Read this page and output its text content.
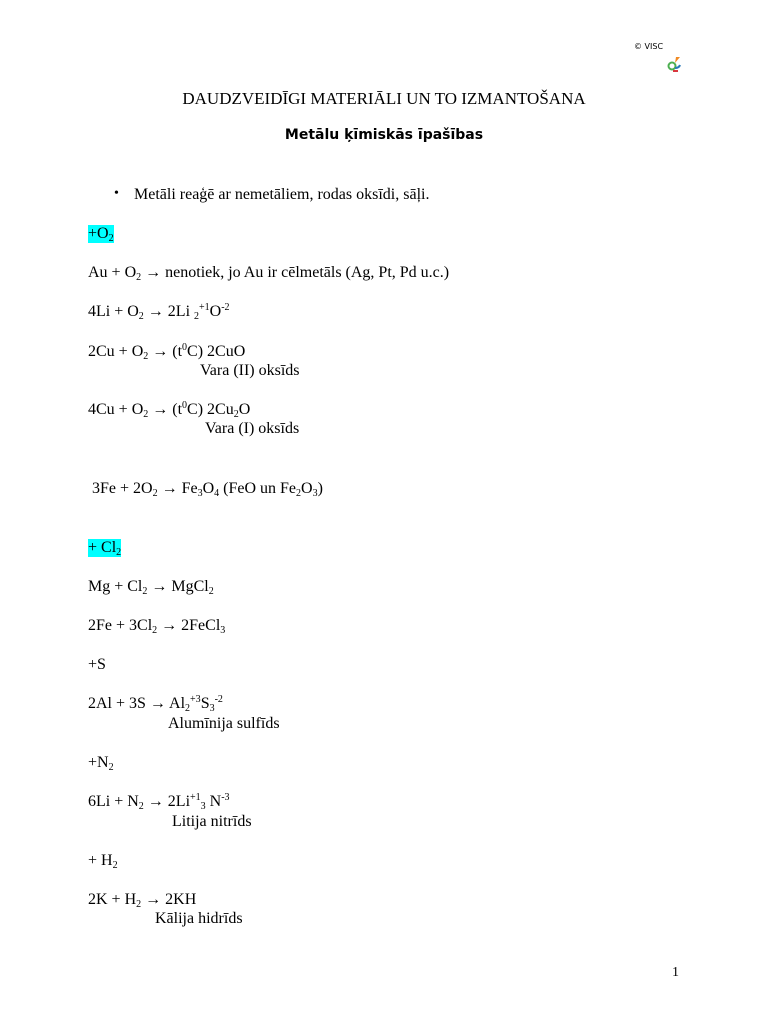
© VISC
DAUDZVEIDĪGI MATERIĀLI UN TO IZMANTOŠANA
Metālu ķīmiskās īpašības
• Metāli reaģē ar nemetāliem, rodas oksīdi, sāļi.
$+O_2$
$Au + O_2$ → nenotiek, jo Au ir cēlmetāls (Ag, Pt, Pd u.c.)
$4Li + O_2 \to 2Li$ $_2^{+1}O^{-2}$
$2Cu + O_2 \to (t^0C)$ 2CuO
Vara (II) oksīds
$4Cu + O_2 \to (t^0C)$ $2Cu_2O$
Vara (I) oksīds
$3Fe + 2O_2 \to Fe_3O_4$ (FeO un $Fe_2O_3$)
+ $Cl_2$
$Mg + Cl_2$ → MgCl$_2$
$2Fe + 3Cl_2$ → 2FeCl$_3$
+S
$2Al + 3S \to Al_2^{+3}S_3^{-2}$
Alumīnija sulfīds
$+N_2$
$6Li + N_2 \to 2Li^{+1}_3$ $N^{-3}$
Litija nitrīds
+ $H_2$
$2K + H_2 \to 2KH$
Kālija hidrīds
1
